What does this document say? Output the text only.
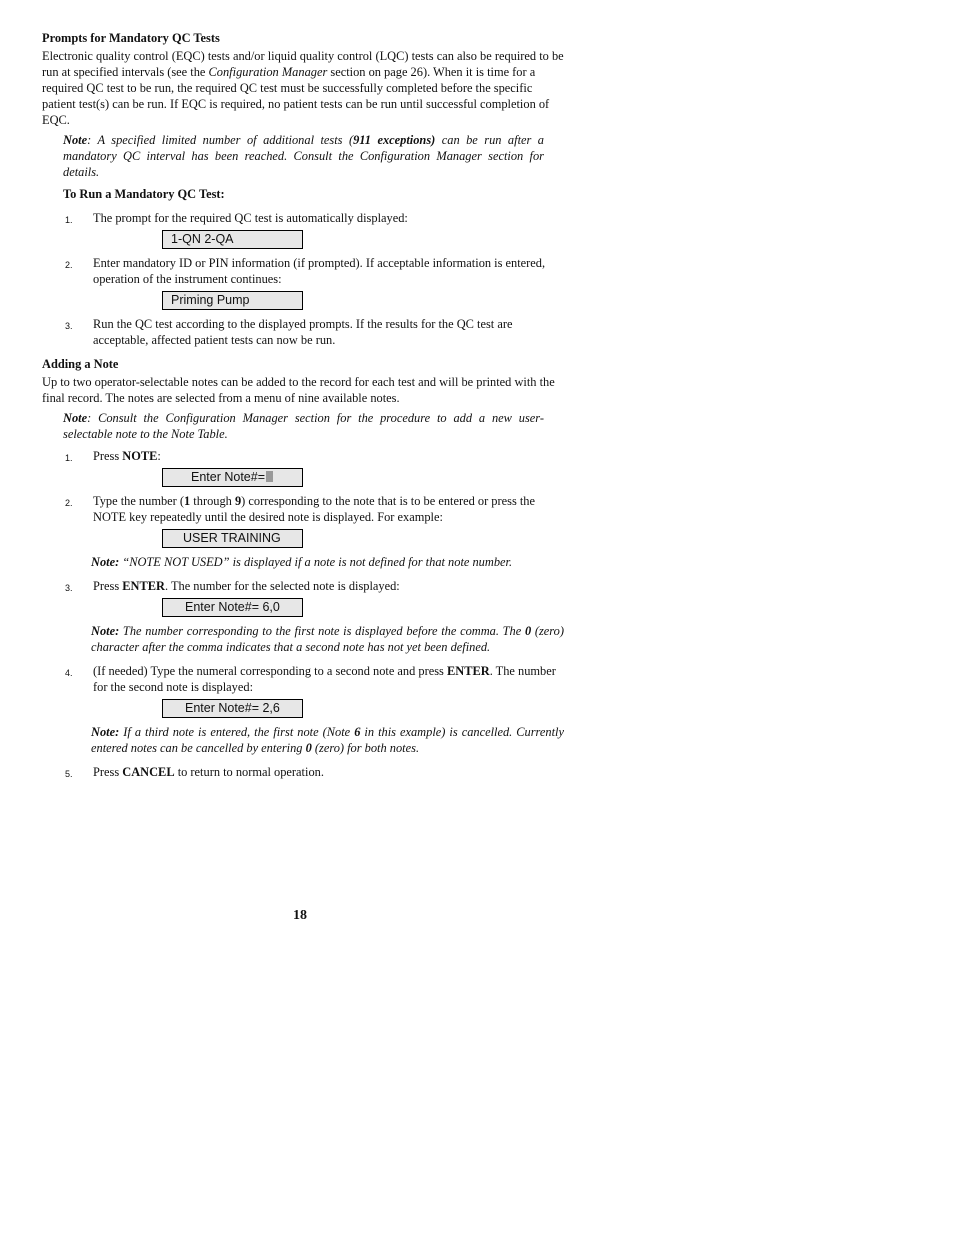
Prompts for Mandatory QC Tests
Electronic quality control (EQC) tests and/or liquid quality control (LQC) tests can also be required to be run at specified intervals (see the Configuration Manager section on page 26). When it is time for a required QC test to be run, the required QC test must be successfully completed before the specific patient test(s) can be run. If EQC is required, no patient tests can be run until successful completion of EQC.
Note: A specified limited number of additional tests (911 exceptions) can be run after a mandatory QC interval has been reached. Consult the Configuration Manager section for details.
To Run a Mandatory QC Test:
1. The prompt for the required QC test is automatically displayed:
1-QN 2-QA
2. Enter mandatory ID or PIN information (if prompted). If acceptable information is entered, operation of the instrument continues:
Priming Pump
3. Run the QC test according to the displayed prompts. If the results for the QC test are acceptable, affected patient tests can now be run.
Adding a Note
Up to two operator-selectable notes can be added to the record for each test and will be printed with the final record. The notes are selected from a menu of nine available notes.
Note: Consult the Configuration Manager section for the procedure to add a new user-selectable note to the Note Table.
1. Press NOTE:
Enter Note#=
2. Type the number (1 through 9) corresponding to the note that is to be entered or press the NOTE key repeatedly until the desired note is displayed. For example:
USER TRAINING
Note: “NOTE NOT USED” is displayed if a note is not defined for that note number.
3. Press ENTER. The number for the selected note is displayed:
Enter Note#= 6,0
Note: The number corresponding to the first note is displayed before the comma. The 0 (zero) character after the comma indicates that a second note has not yet been defined.
4. (If needed) Type the numeral corresponding to a second note and press ENTER. The number for the second note is displayed:
Enter Note#= 2,6
Note: If a third note is entered, the first note (Note 6 in this example) is cancelled. Currently entered notes can be cancelled by entering 0 (zero) for both notes.
5. Press CANCEL to return to normal operation.
18
